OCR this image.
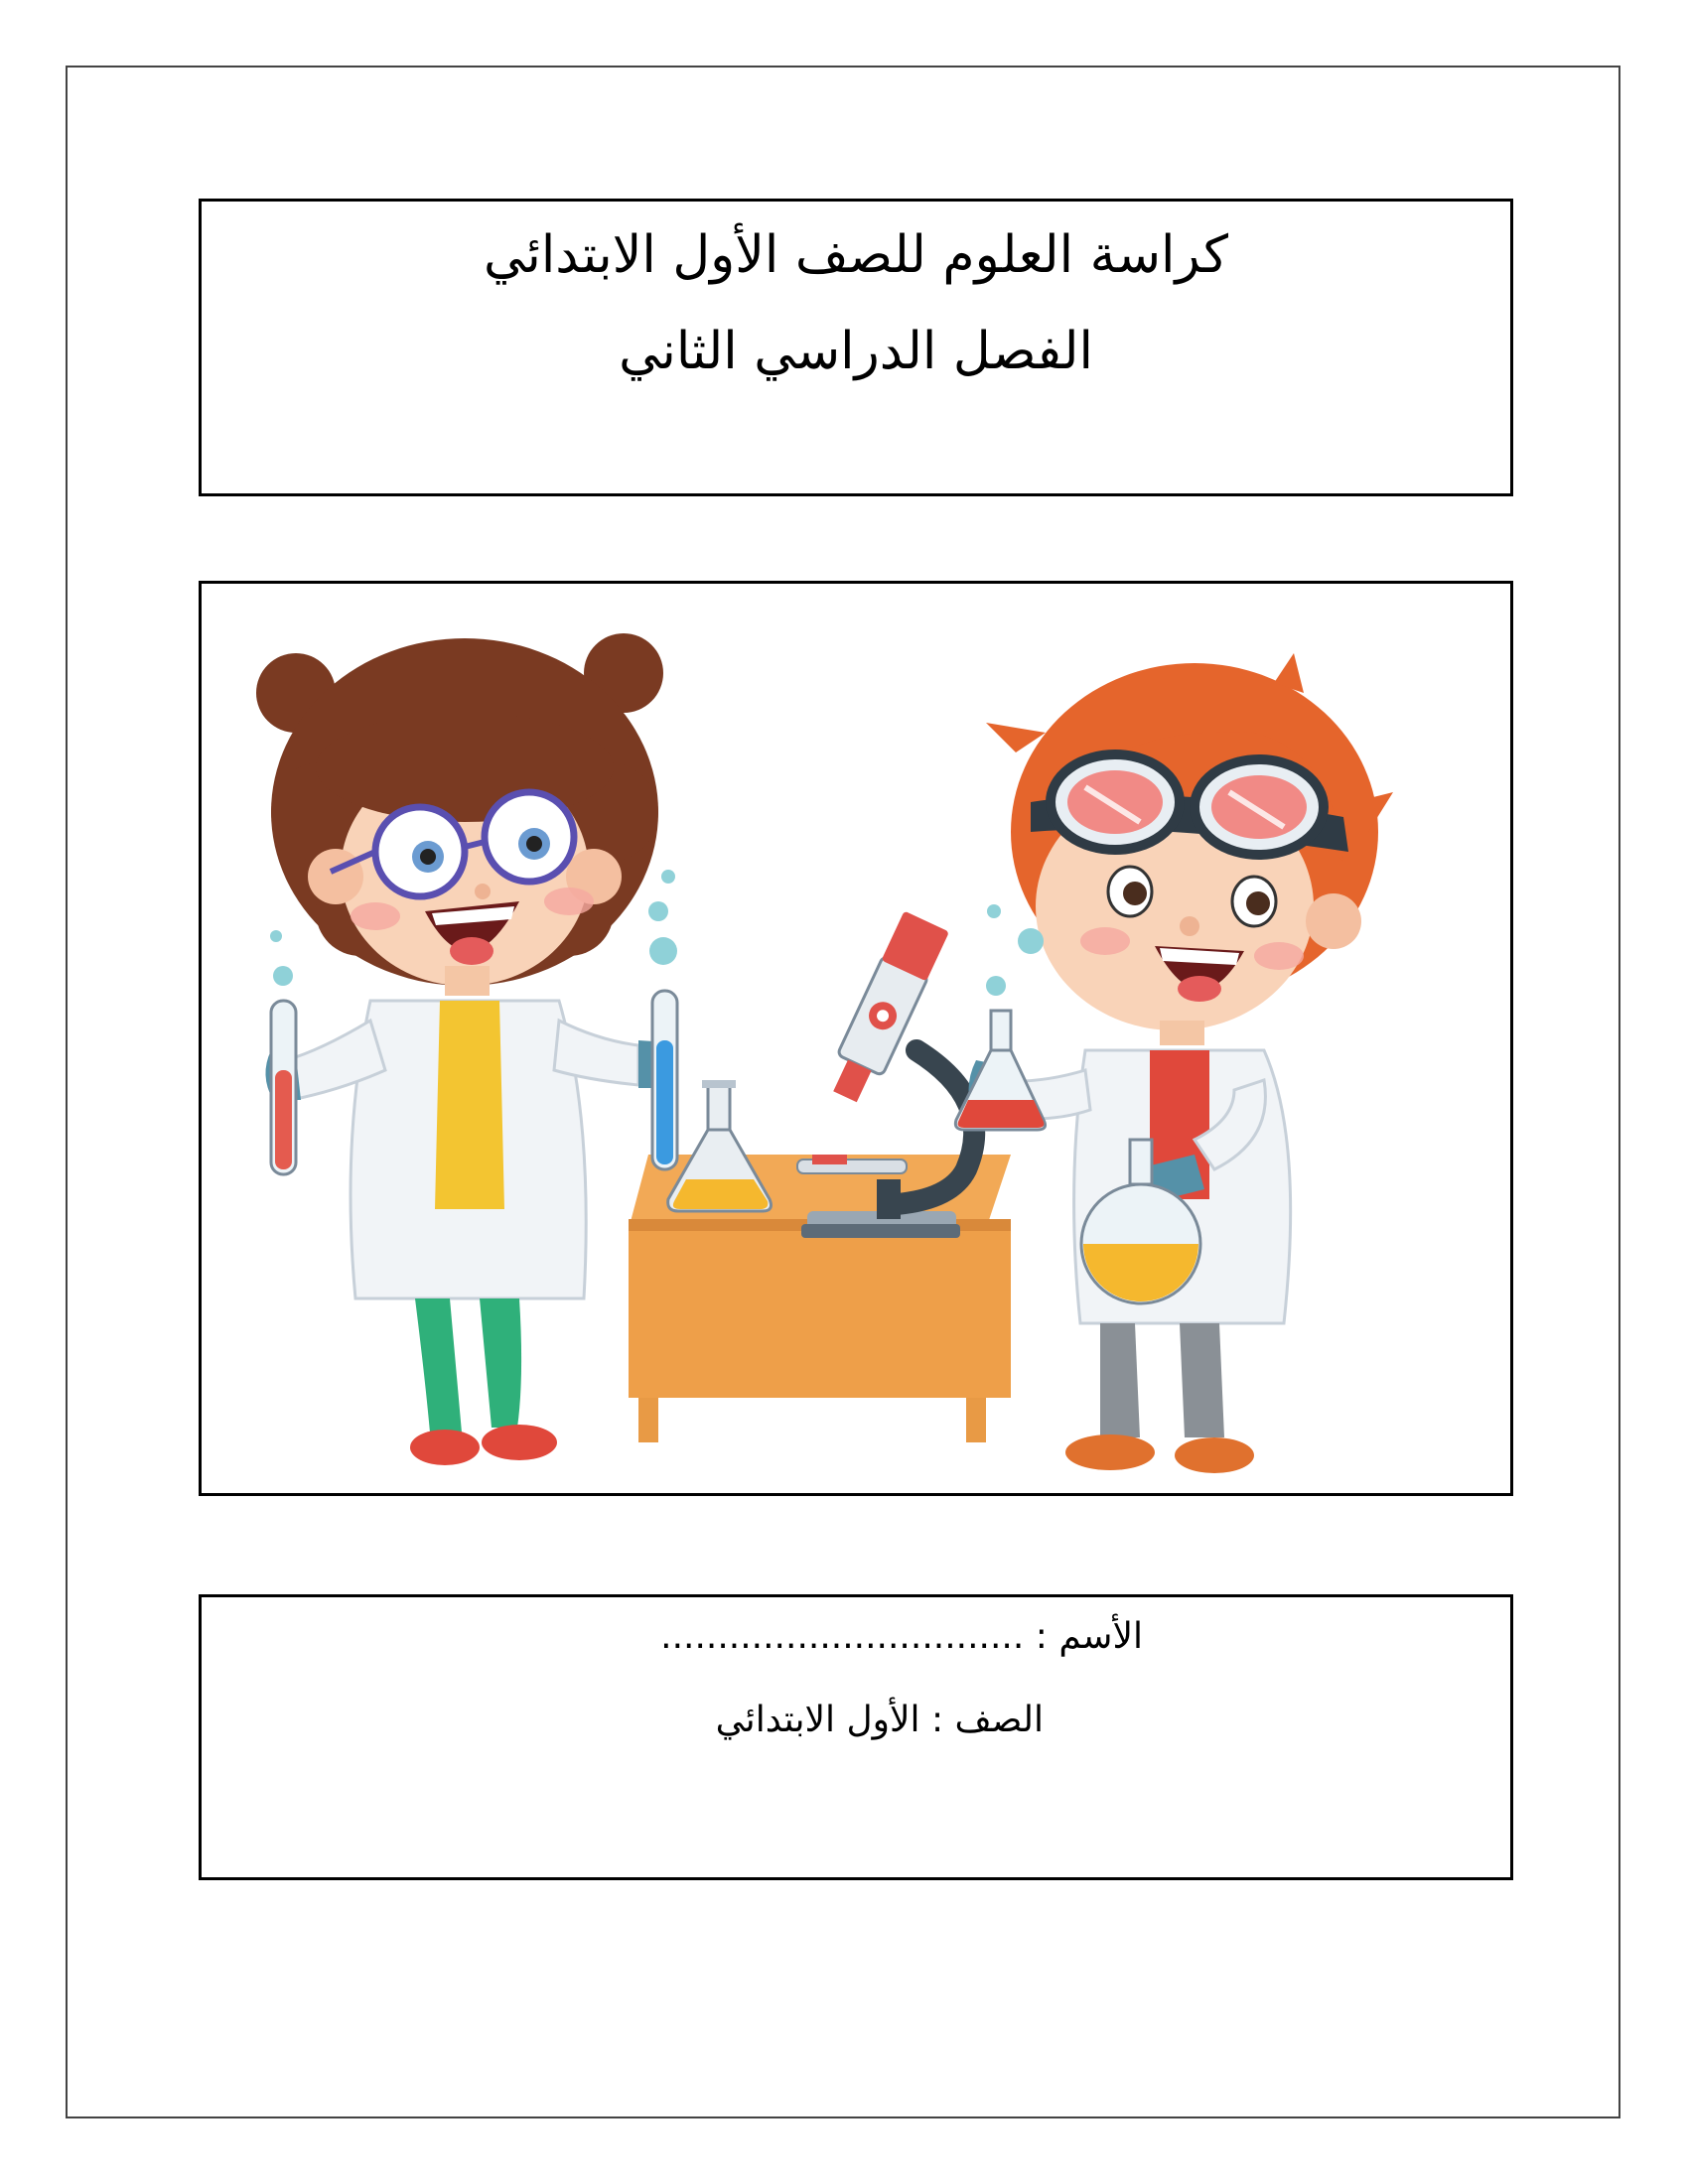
كراسة العلوم للصف الأول الابتدائي
الفصل الدراسي الثاني
الأسم : ................................
الصف : الأول الابتدائي
